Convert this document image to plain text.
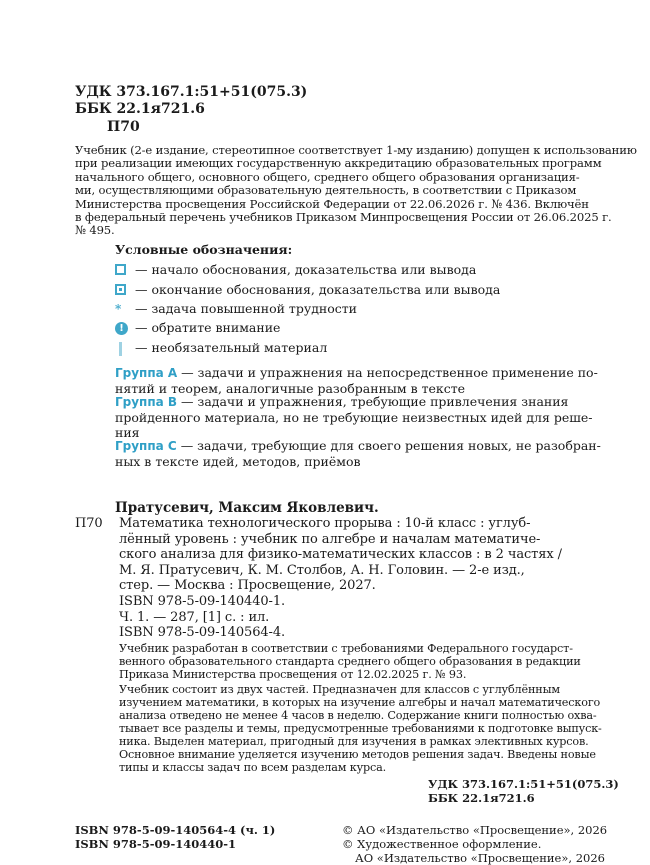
УДК 373.167.1:51+51(075.3)
ББК 22.1я721.6
П70
Учебник (2-е издание, стереотипное соответствует 1-му изданию) допущен к использованию
при реализации имеющих государственную аккредитацию образовательных программ
начального общего, основного общего, среднего общего образования организация-
ми, осуществляющими образовательную деятельность, в соответствии с Приказом
Министерства просвещения Российской Федерации от 22.06.2026 г. № 436. Включён
в федеральный перечень учебников Приказом Минпросвещения России от 26.06.2025 г.
№ 495.
Условные обозначения:
— начало обоснования, доказательства или вывода
— окончание обоснования, доказательства или вывода
*	— задача повышенной трудности
! — обратите внимание
— необязательный материал
Группа А — задачи и упражнения на непосредственное применение по-
нятий и теорем, аналогичные разобранным в тексте
Группа В — задачи и упражнения, требующие привлечения знания
пройденного материала, но не требующие неизвестных идей для реше-
ния
Группа С — задачи, требующие для своего решения новых, не разобран-
ных в тексте идей, методов, приёмов
Пратусевич, Максим Яковлевич.
П70 Математика технологического прорыва : 10-й класс : углуб-
лённый уровень : учебник по алгебре и началам математиче-
ского анализа для физико-математических классов : в 2 частях /
М. Я. Пратусевич, К. М. Столбов, А. Н. Головин. — 2-е изд.,
стер. — Москва : Просвещение, 2027.
ISBN 978-5-09-140440-1.
Ч. 1. — 287, [1] с. : ил.
ISBN 978-5-09-140564-4.
Учебник разработан в соответствии с требованиями Федерального государст-
венного образовательного стандарта среднего общего образования в редакции
Приказа Министерства просвещения от 12.02.2025 г. № 93.
Учебник состоит из двух частей. Предназначен для классов с углублённым
изучением математики, в которых на изучение алгебры и начал математического
анализа отведено не менее 4 часов в неделю. Содержание книги полностью охва-
тывает все разделы и темы, предусмотренные требованиями к подготовке выпуск-
ника. Выделен материал, пригодный для изучения в рамках элективных курсов.
Основное внимание уделяется изучению методов решения задач. Введены новые
типы и классы задач по всем разделам курса.
УДК 373.167.1:51+51(075.3)
ББК 22.1я721.6
ISBN 978-5-09-140564-4 (ч. 1)
ISBN 978-5-09-140440-1
© АО «Издательство «Просвещение», 2026
© Художественное оформление.
АО «Издательство «Просвещение», 2026
